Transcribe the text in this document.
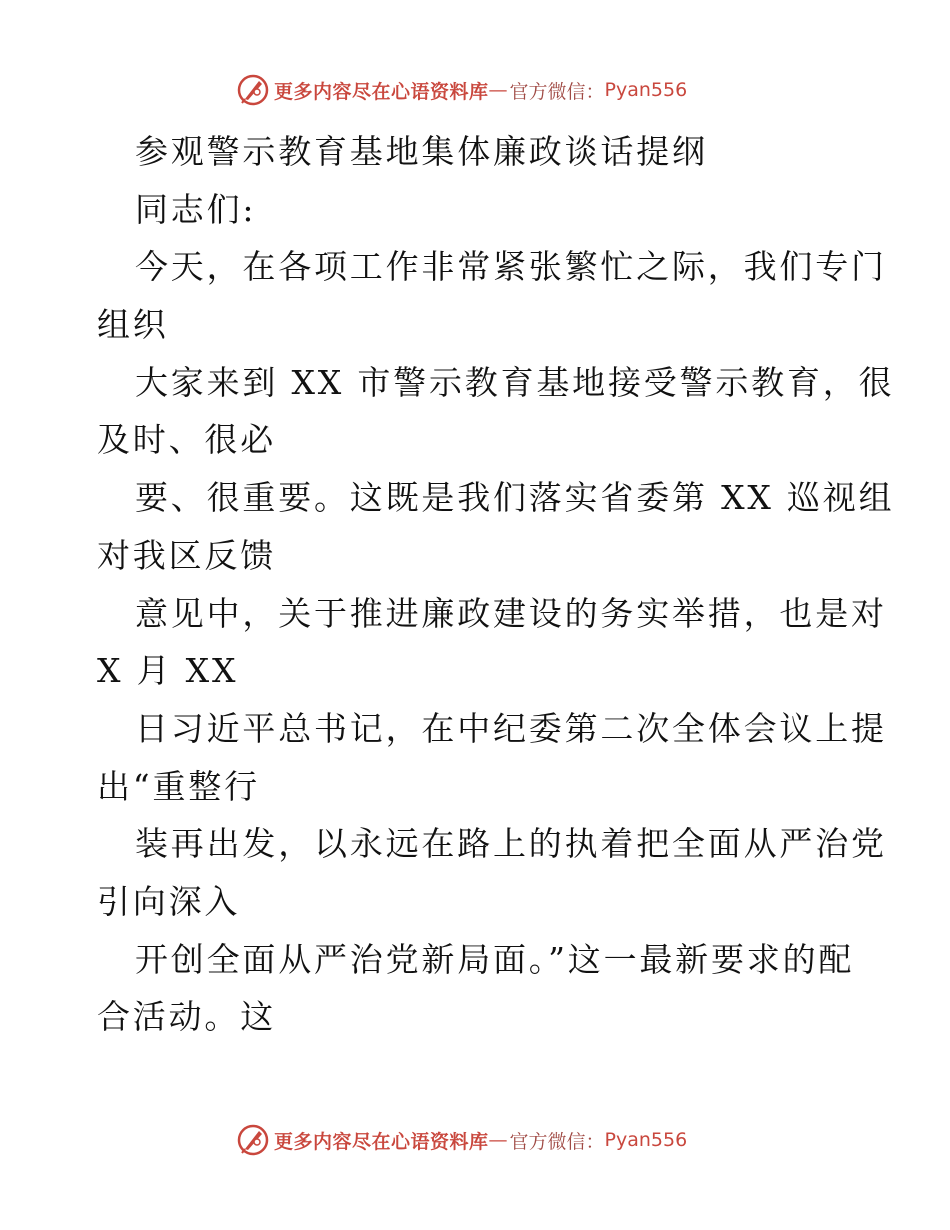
更多内容尽在心语资料库 — 官方微信： Pyan556
参观警示教育基地集体廉政谈话提纲
同志们:
今天，在各项工作非常紧张繁忙之际，我们专门
组织
大家来到 XX 市警示教育基地接受警示教育，很
及时、很必
要、很重要。这既是我们落实省委第 XX 巡视组
对我区反馈
意见中，关于推进廉政建设的务实举措，也是对
X 月 XX
日习近平总书记，在中纪委第二次全体会议上提
出“重整行
装再出发，以永远在路上的执着把全面从严治党
引向深入
开创全面从严治党新局面。”这一最新要求的配
合活动。这
更多内容尽在心语资料库 — 官方微信： Pyan556
